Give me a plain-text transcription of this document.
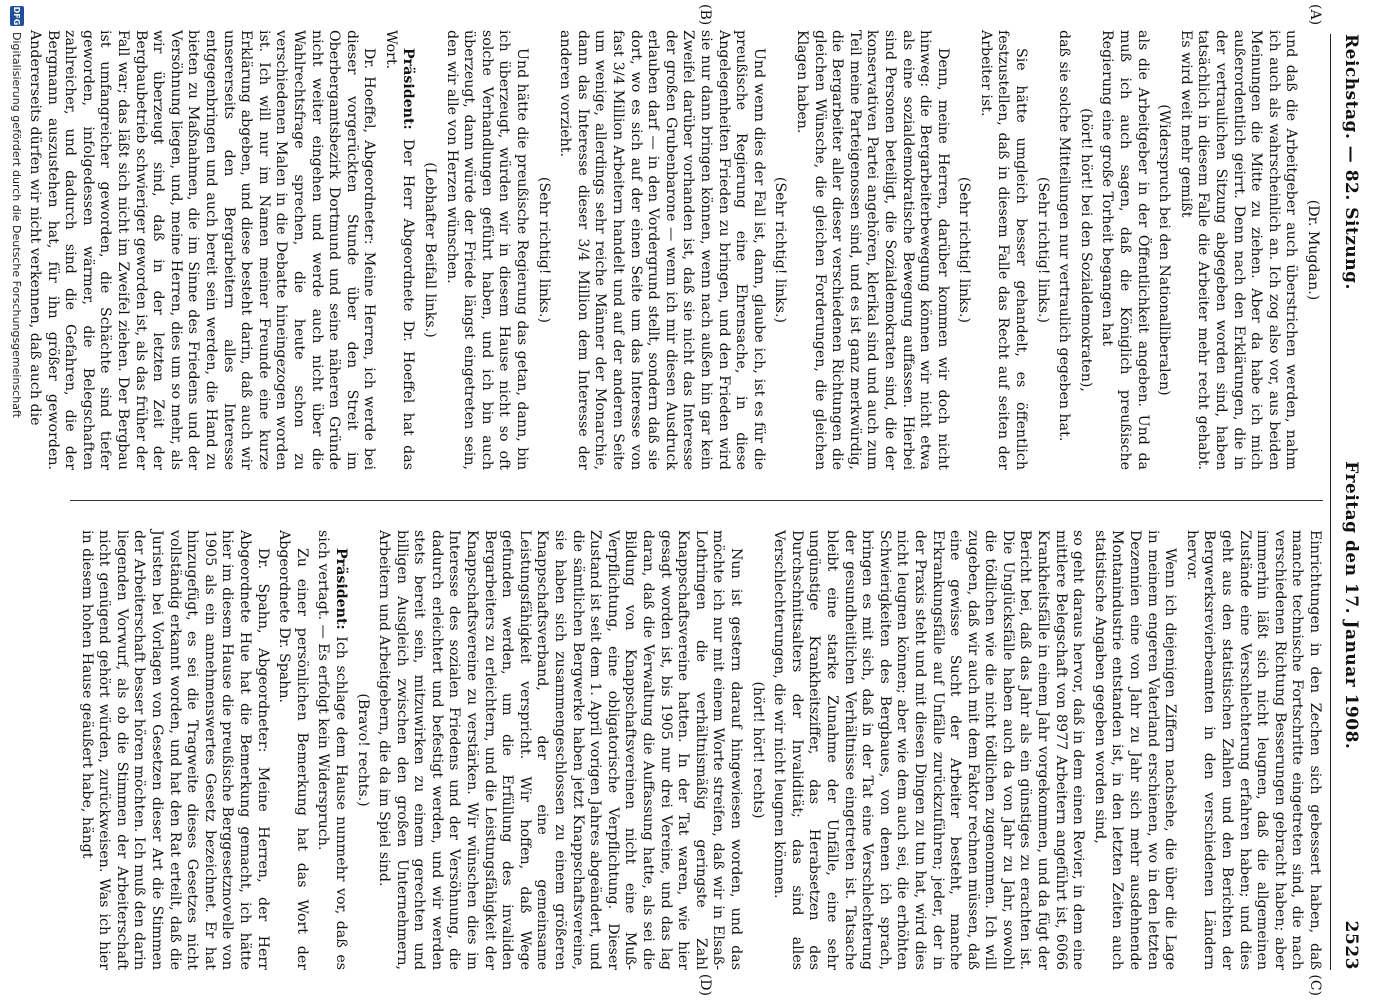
Reichstag. — 82. Sitzung.
Freitag den 17. Januar 1908.
2523
(A)
(B)
(C)
(D)

(Dr. Mugdan.)

und daß die Arbeitgeber auch überstrichen werden, nahm ich auch als wahrscheinlich an. Ich zog also vor, aus beiden Meinungen die Mitte zu ziehen. Aber da habe ich mich außerordentlich geirrt. Denn nach den Erklärungen, die in der vertraulichen Sitzung abgegeben worden sind, haben tatsächlich in diesem Falle die Arbeiter mehr recht gehabt. Es wird weit mehr gemißt

(Widerspruch bei den Nationalliberalen)

als die Arbeitgeber in der Öffentlichkeit angeben. Und da muß ich auch sagen, daß die Königlich preußische Regierung eine große Torheit begangen hat

(hört! hört! bei den Sozialdemokraten),

daß sie solche Mitteilungen nur vertraulich gegeben hat.

(Sehr richtig! links.)

Sie hätte umgleich besser gehandelt, es öffentlich festzustellen, daß in diesem Falle das Recht auf seiten der Arbeiter ist.

(Sehr richtig! links.)

Denn, meine Herren, darüber kommen wir doch nicht hinweg: die Bergarbeiterbewegung können wir nicht etwa als eine sozialdemokratische Bewegung auffassen. Hierbei sind Personen beteiligt, die Sozialdemokraten sind, die der konservativen Partei angehören, klerikal sind und auch zum Teil meine Parteigenossen sind, und es ist ganz merkwürdig, die Bergarbeiter aller dieser verschiedenen Richtungen die gleichen Wünsche, die gleichen Forderungen, die gleichen Klagen haben.

(Sehr richtig! links.)

Und wenn dies der Fall ist, dann, glaube ich, ist es für die preußische Regierung eine Ehrensache, in diese Angelegenheiten Frieden zu bringen, und den Frieden wird sie nur dann bringen können, wenn nach außen hin gar kein Zweifel darüber vorhanden ist, daß sie nicht das Interesse der großen Grubenbarone — wenn ich mir diesen Ausdruck erlauben darf — in den Vordergrund stellt, sondern daß sie dort, wo es sich auf der einen Seite um das Interesse von fast 3/4 Million Arbeitern handelt und auf der anderen Seite um wenige, allerdings sehr reiche Männer der Monarchie, dann das Interesse dieser 3/4 Million dem Interesse der anderen vorzieht.

(Sehr richtig! links.)

Und hätte die preußische Regierung das getan, dann, bin ich überzeugt, würden wir in diesem Hause nicht so oft solche Verhandlungen geführt haben, und ich bin auch überzeugt, dann würde der Friede längst eingetreten sein, den wir alle von Herzen wünschen.

(Lebhafter Beifall links.)

Präsident: Der Herr Abgeordnete Dr. Hoeffel hat das Wort.

Dr. Hoeffel, Abgeordneter: Meine Herren, ich werde bei dieser vorgerückten Stunde über den Streit im Oberbergamtsbezirk Dortmund und seine näheren Gründe nicht weiter eingehen und werde auch nicht über die Wahlrechtsfrage sprechen, die heute schon zu verschiedenen Malen in die Debatte hineingezogen worden ist. Ich will nur im Namen meiner Freunde eine kurze Erklärung abgeben, und diese besteht darin, daß auch wir unsererseits den Bergarbeitern alles Interesse entgegenbringen und auch bereit sein werden, die Hand zu bieten zu Maßnahmen, die im Sinne des Friedens und der Versöhnung liegen, und, meine Herren, dies um so mehr, als wir überzeugt sind, daß in der letzten Zeit der Bergbaubetrieb schwieriger geworden ist, als das früher der Fall war; das läßt sich nicht im Zweifel ziehen. Der Bergbau ist umfangreicher geworden, die Schächte sind tiefer geworden, infolgedessen wärmer, die Belegschaften zahlreicher, und dadurch sind die Gefahren, die der Bergmann auszustehen hat, für ihn größer geworden. Andererseits dürfen wir nicht verkennen, daß auch die

Einrichtungen in den Zechen sich gebessert haben, daß manche technische Fortschritte eingetreten sind, die nach verschiedenen Richtung Besserungen gebracht haben; aber immerhin läßt sich nicht leugnen, daß die allgemeinen Zustände eine Verschlechterung erfahren haben; und dies geht aus den statistischen Zahlen und den Berichten der Bergwerksrevierbeamten in den verschiedenen Ländern hervor.

Wenn ich diejenigen Ziffern nachsehe, die über die Lage in meinem engeren Vaterland erschienen, wo in den letzten Dezennien eine von Jahr zu Jahr sich mehr ausdehnende Montanindustrie entstanden ist, in den letzten Zeiten auch statistische Angaben gegeben worden sind,

so geht daraus hervor, daß in dem einen Revier, in dem eine mittlere Belegschaft von 8977 Arbeitern angeführt ist, 6066 Krankheitsfälle in einem Jahr vorgekommen, und da fügt der Bericht bei, daß das Jahr als ein günstiges zu erachten ist. Die Unglücksfälle haben auch da von Jahr zu Jahr, sowohl die tödlichen wie die nicht tödlichen zugenommen. Ich will zugeben, daß wir auch mit dem Faktor rechnen müssen, daß eine gewisse Sucht der Arbeiter besteht, manche Erkrankungsfälle auf Unfälle zurückzuführen; jeder, der in der Praxis steht und mit diesen Dingen zu tun hat, wird dies nicht leugnen können; aber wie dem auch sei, die erhöhten Schwierigkeiten des Bergbaues, von denen ich sprach, bringen es mit sich, daß in der Tat eine Verschlechterung der gesundheitlichen Verhältnisse eingetreten ist. Tatsache bleibt eine starke Zunahme der Unfälle, eine sehr ungünstige Krankheitsziffer, das Herabsetzen des Durchschnittsalters der Invalidität; das sind alles Verschlechterungen, die wir nicht leugnen können.

(hört! hört! rechts)

Nun ist gestern darauf hingewiesen worden, und das möchte ich nur mit einem Worte streifen, daß wir in Elsaß-Lothringen die verhältnismäßig geringste Zahl Knappschaftsvereine hatten. In der Tat waren, wie hier gesagt worden ist, bis 1905 nur drei Vereine, und das lag daran, daß die Verwaltung die Auffassung hatte, als sei die Bildung von Knappschaftsvereinen nicht eine Muß-Verpflichtung, eine obligatorische Verpflichtung. Dieser Zustand ist seit dem 1. April vorigen Jahres abgeändert, und die sämtlichen Bergwerke haben jetzt Knappschaftsvereine, sie haben sich zusammengeschlossen zu einem größeren Knappschaftsverband, der eine gemeinsame Leistungsfähigkeit verspricht. Wir hoffen, daß Wege gefunden werden, um die Erfüllung des invaliden Bergarbeiters zu erleichtern, und die Leistungsfähigkeit der Knappschaftsvereine zu verstärken. Wir wünschen dies im Interesse des sozialen Friedens und der Versöhnung, die dadurch erleichtert und befestigt werden, und wir werden stets bereit sein, mitzuwirken zu einem gerechten und billigen Ausgleich zwischen den großen Unternehmern, Arbeitern und Arbeitgebern, die da im Spiel sind.

(Bravo! rechts.)

Präsident: Ich schlage dem Hause nunmehr vor, daß es sich vertagt. — Es erfolgt kein Widerspruch.

Zu einer persönlichen Bemerkung hat das Wort der Abgeordnete Dr. Spahn.

Dr. Spahn, Abgeordneter: Meine Herren, der Herr Abgeordnete Hue hat die Bemerkung gemacht, ich hätte hier im diesem Hause die preußische Berggesetznovelle von 1905 als ein annehmenswertes Gesetz bezeichnet. Er hat hinzugefügt, es sei die Tragweite dieses Gesetzes nicht vollständig erkannt worden, und hat den Rat erteilt, daß die Juristen bei Vorlagen von Gesetzen dieser Art die Stimmen der Arbeiterschaft besser hören möchten. Ich muß den darin liegenden Vorwurf, als ob die Stimmen der Arbeiterschaft nicht genügend gehört würden, zurückweisen. Was ich hier in diesem hohen Hause geäußert habe, hängt

DFG
Digitalisierung gefördert durch die Deutsche Forschungsgemeinschaft
